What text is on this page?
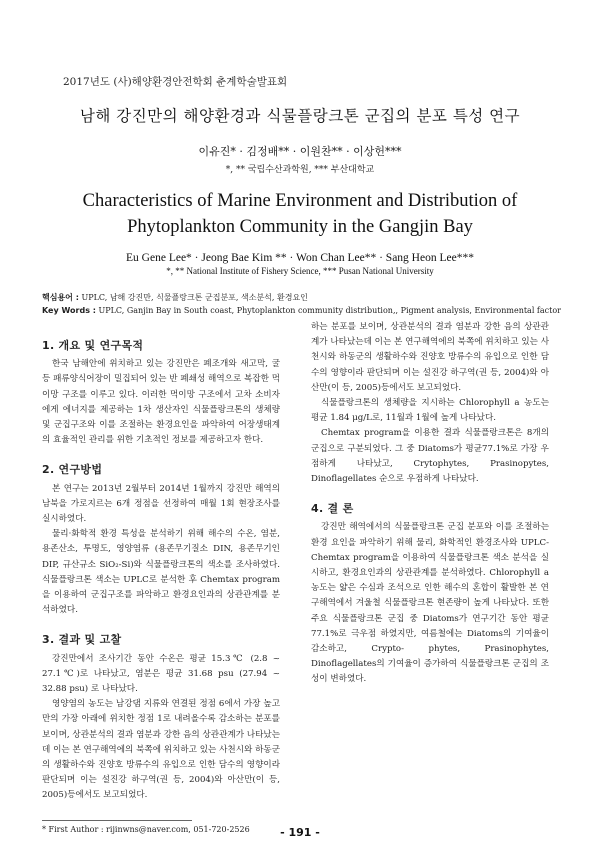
2017년도 (사)해양환경안전학회 춘계학술발표회
남해 강진만의 해양환경과 식물플랑크톤 군집의 분포 특성 연구
이유진* · 김정배** · 이원찬** · 이상헌***
*, ** 국립수산과학원, *** 부산대학교
Characteristics of Marine Environment and Distribution of Phytoplankton Community in the Gangjin Bay
Eu Gene Lee* · Jeong Bae Kim ** · Won Chan Lee** · Sang Heon Lee***
*, ** National Institute of Fishery Science, *** Pusan National University
핵심용어 : UPLC, 남해 강진만, 식물플랑크톤 군집분포, 색소분석, 환경요인
Key Words : UPLC, Ganjin Bay in South coast, Phytoplankton community distribution,, Pigment analysis, Environmental factor
1. 개요 및 연구목적

한국 남해안에 위치하고 있는 강진만은 폐조개와 새고막, 굴 등 패류양식어장이 밀집되어 있는 반 폐쇄성 해역으로 복잡한 먹이망 구조를 이루고 있다. 이러한 먹이망 구조에서 고차 소비자에게 에너지를 제공하는 1차 생산자인 식물플랑크톤의 생체량 및 군집구조와 이를 조절하는 환경요인을 파악하여 어장생태계의 효율적인 관리를 위한 기초적인 정보를 제공하고자 한다.

2. 연구방법

본 연구는 2013년 2월부터 2014년 1월까지 강진만 해역의 남북을 가로지르는 6개 정점을 선정하여 매월 1회 현장조사를 실시하였다.

물리·화학적 환경 특성을 분석하기 위해 해수의 수온, 염분, 용존산소, 투명도, 영양염류 (용존무기질소 DIN, 용존무기인 DIP, 규산규소 SiO₂-Si)와 식물플랑크톤의 색소를 조사하였다. 식물플랑크톤 색소는 UPLC로 분석한 후 Chemtax program을 이용하여 군집구조를 파악하고 환경요인과의 상관관계를 분석하였다.

3. 결과 및 고찰

강진만에서 조사기간 동안 수온은 평균 15.3℃ (2.8 ~ 27.1℃)로 나타났고, 염분은 평균 31.68 psu (27.94 ~ 32.88 psu) 로 나타났다.

영양염의 농도는 남강댐 지류와 연결된 정점 6에서 가장 높고 만의 가장 아래에 위치한 정점 1로 내려올수록 감소하는 분포를 보이며, 상관분석의 결과 염분과 강한 음의 상관관계가 나타났는데 이는 본 연구해역에의 북쪽에 위치하고 있는 사천시와 하동군의 생활하수와 진양호 방류수의 유입으로 인한 담수의 영향이라 판단되며 이는 설진강 하구역(권 등, 2004)와 아산만(이 등, 2005)등에서도 보고되었다.

하는 분포를 보이며, 상관분석의 결과 염분과 강한 음의 상관관계가 나타났는데 이는 본 연구해역에의 북쪽에 위치하고 있는 사천시와 하동군의 생활하수와 진양호 방류수의 유입으로 인한 담수의 영향이라 판단되며 이는 설진강 하구역(권 등, 2004)와 아산만(이 등, 2005)등에서도 보고되었다.

식물플랑크톤의 생체량을 지시하는 Chlorophyll a 농도는 평균 1.84 μg/L로, 11월과 1월에 높게 나타났다.

Chemtax program을 이용한 결과 식물플랑크톤은 8개의 군집으로 구분되었다. 그 중 Diatoms가 평균77.1%로 가장 우점하게 나타났고, Crytophytes, Prasinopytes, Dinoflagellates 순으로 우점하게 나타났다.

4. 결 론

강진만 해역에서의 식물플랑크톤 군집 분포와 이를 조절하는 환경 요인을 파악하기 위해 물리, 화학적인 환경조사와 UPLC-Chemtax program을 이용하여 식물플랑크톤 색소 분석을 실시하고, 환경요인과의 상관관계를 분석하였다. Chlorophyll a 농도는 얇은 수심과 조석으로 인한 해수의 혼합이 활발한 본 연구해역에서 겨울철 식물플랑크톤 현존량이 높게 나타났다. 또한 주요 식물플랑크톤 군집 중 Diatoms가 연구기간 동안 평균 77.1%로 극우점 하였지만, 여름철에는 Diatoms의 기여율이 감소하고, Crypto- phytes, Prasinophytes, Dinoflagellates의 기여율이 증가하여 식물플랑크톤 군집의 조성이 변하였다.

* First Author : rijinwns@naver.com, 051-720-2526	- 191 -
